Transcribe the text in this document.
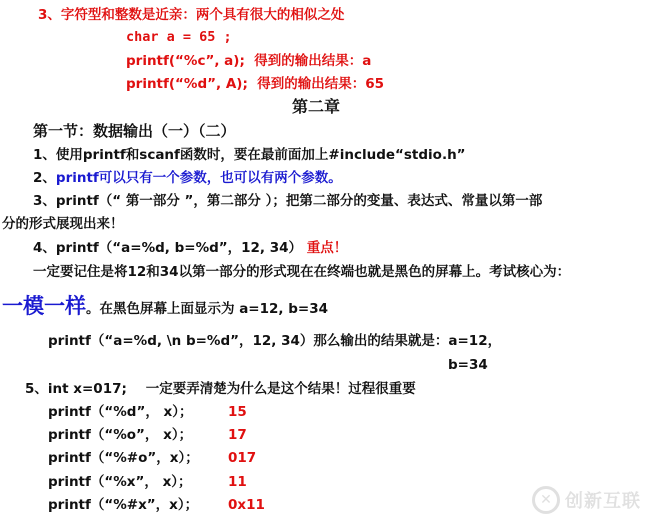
3、字符型和整数是近亲：两个具有很大的相似之处
char a = 65 ;
printf(“%c”, a); 得到的输出结果：a
printf(“%d”, A); 得到的输出结果：65
第二章
第一节：数据输出（一）（二）
1、使用printf和scanf函数时，要在最前面加上#include“stdio.h”
2、printf可以只有一个参数，也可以有两个参数。
3、printf（“ 第一部分 ”，第二部分 ）；把第二部分的变量、表达式、常量以第一部
分的形式展现出来！
4、printf（“a=%d, b=%d”，12, 34） 重点！
一定要记住是将12和34以第一部分的形式现在在终端也就是黑色的屏幕上。考试核心为：
一模一样。在黑色屏幕上面显示为 a=12, b=34
printf（“a=%d, \n b=%d”，12, 34）那么输出的结果就是：a=12，
b=34
5、int x=017; 一定要弄清楚为什么是这个结果！过程很重要
printf（“%d”， x）；	15
printf（“%o”， x）；	17
printf（“%#o”，x）； 017
printf（“%x”， x）；	11
printf（“%#x”，x）； 0x11	✕ 创新互联
